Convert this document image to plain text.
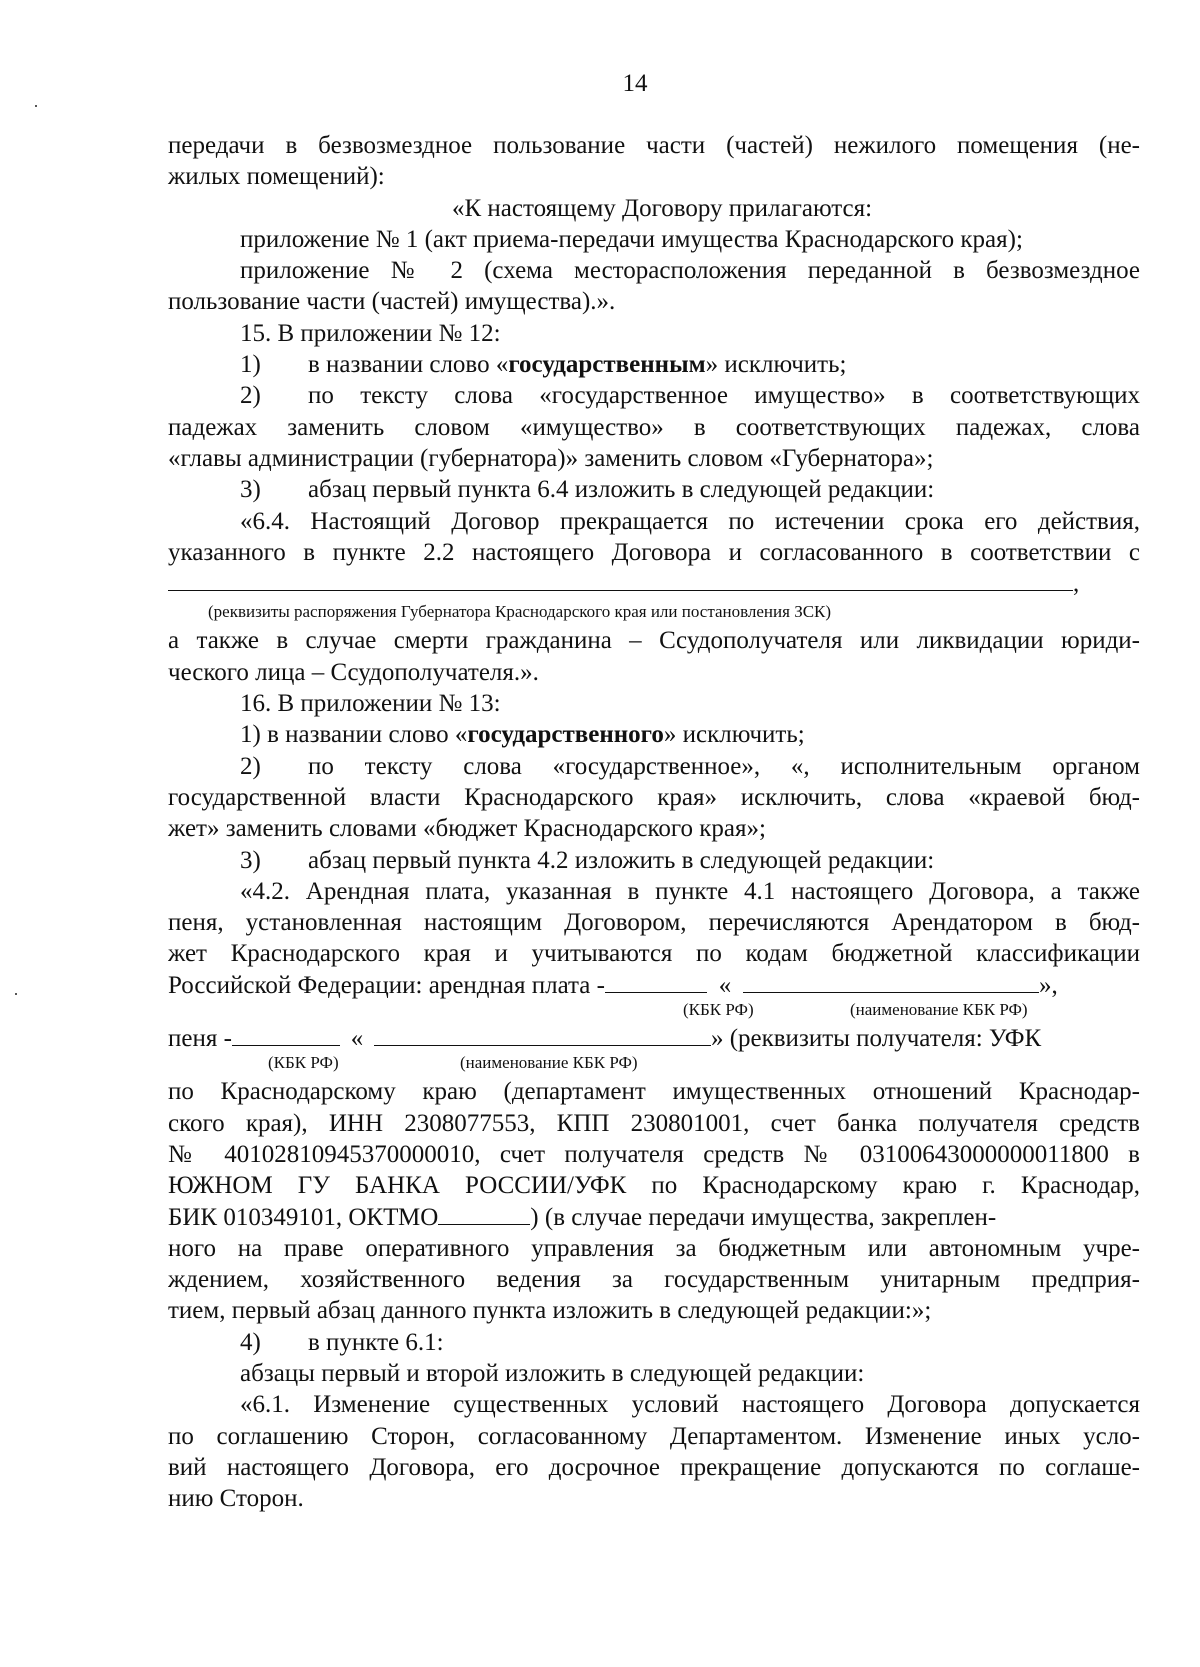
14
передачи в безвозмездное пользование части (частей) нежилого помещения (не-
жилых помещений):
«К настоящему Договору прилагаются:
приложение № 1 (акт приема-передачи имущества Краснодарского края);
приложение № 2 (схема месторасположения переданной в безвозмездное
пользование части (частей) имущества).».
15. В приложении № 12:
1) в названии слово «государственным» исключить;
2)	по тексту слова «государственное имущество» в соответствующих
падежах заменить словом «имущество» в соответствующих падежах, слова
«главы администрации (губернатора)» заменить словом «Губернатора»;
3) абзац первый пункта 6.4 изложить в следующей редакции:
«6.4. Настоящий Договор прекращается по истечении срока его действия,
указанного в пункте 2.2 настоящего Договора и согласованного в соответствии с
,
(реквизиты распоряжения Губернатора Краснодарского края или постановления ЗСК)
а также в случае смерти гражданина – Ссудополучателя или ликвидации юриди-
ческого лица – Ссудополучателя.».
16. В приложении № 13:
1) в названии слово «государственного» исключить;
2)	по тексту слова «государственное», «, исполнительным органом
государственной власти Краснодарского края» исключить, слова «краевой бюд-
жет» заменить словами «бюджет Краснодарского края»;
3) абзац первый пункта 4.2 изложить в следующей редакции:
«4.2. Арендная плата, указанная в пункте 4.1 настоящего Договора, а также
пеня, установленная настоящим Договором, перечисляются Арендатором в бюд-
жет Краснодарского края и учитываются по кодам бюджетной классификации
Российской Федерации: арендная плата -	«	»,
(КБК РФ)	(наименование КБК РФ)
пеня -	«	» (реквизиты получателя: УФК
(КБК РФ)	(наименование КБК РФ)
по Краснодарскому краю (департамент имущественных отношений Краснодар-
ского края), ИНН 2308077553, КПП 230801001, счет банка получателя средств
№ 40102810945370000010, счет получателя средств № 03100643000000011800 в
ЮЖНОМ ГУ БАНКА РОССИИ/УФК по Краснодарскому краю г. Краснодар,
БИК 010349101, ОКТМО	) (в случае передачи имущества, закреплен-
ного на праве оперативного управления за бюджетным или автономным учре-
ждением, хозяйственного ведения за государственным унитарным предприя-
тием, первый абзац данного пункта изложить в следующей редакции:»;
4) в пункте 6.1:
абзацы первый и второй изложить в следующей редакции:
«6.1. Изменение существенных условий настоящего Договора допускается
по соглашению Сторон, согласованному Департаментом. Изменение иных усло-
вий настоящего Договора, его досрочное прекращение допускаются по соглаше-
нию Сторон.
